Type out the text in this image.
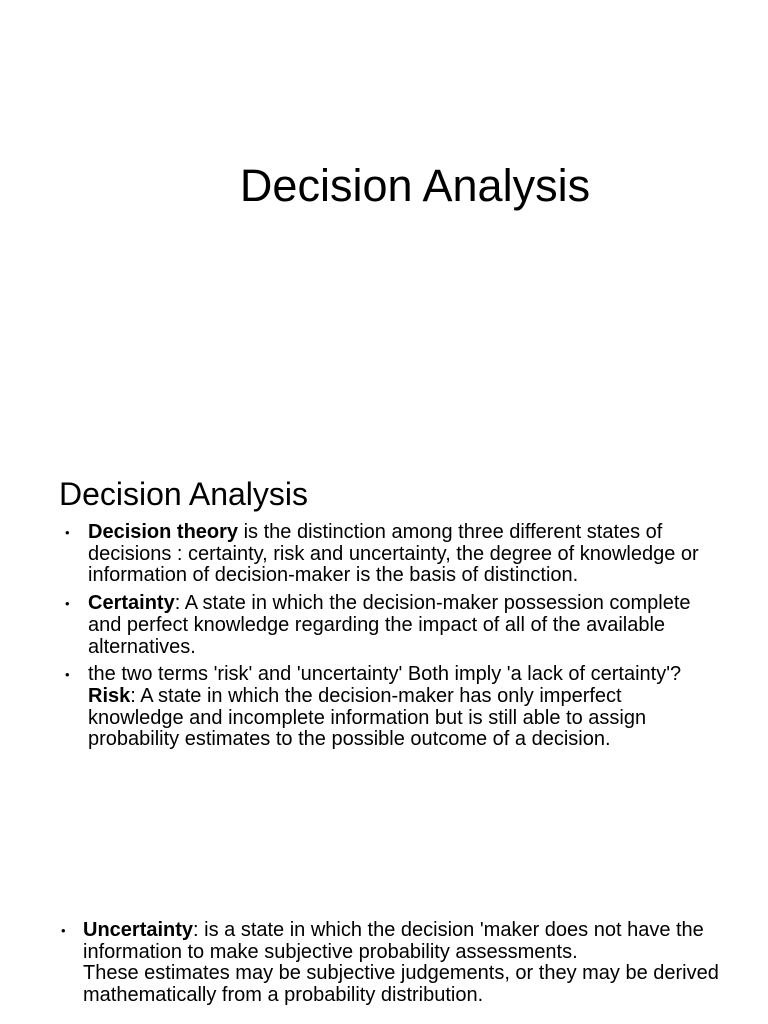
Decision Analysis
Decision Analysis
• Decision theory is the distinction among three different states of decisions : certainty, risk and uncertainty, the degree of knowledge or information of decision-maker is the basis of distinction.
• Certainty: A state in which the decision-maker possession complete and perfect knowledge regarding the impact of all of the available alternatives.
• the two terms 'risk' and 'uncertainty' Both imply 'a lack of certainty'?
Risk: A state in which the decision-maker has only imperfect knowledge and incomplete information but is still able to assign probability estimates to the possible outcome of a decision.
• Uncertainty: is a state in which the decision 'maker does not have the information to make subjective probability assessments.
These estimates may be subjective judgements, or they may be derived mathematically from a probability distribution.
